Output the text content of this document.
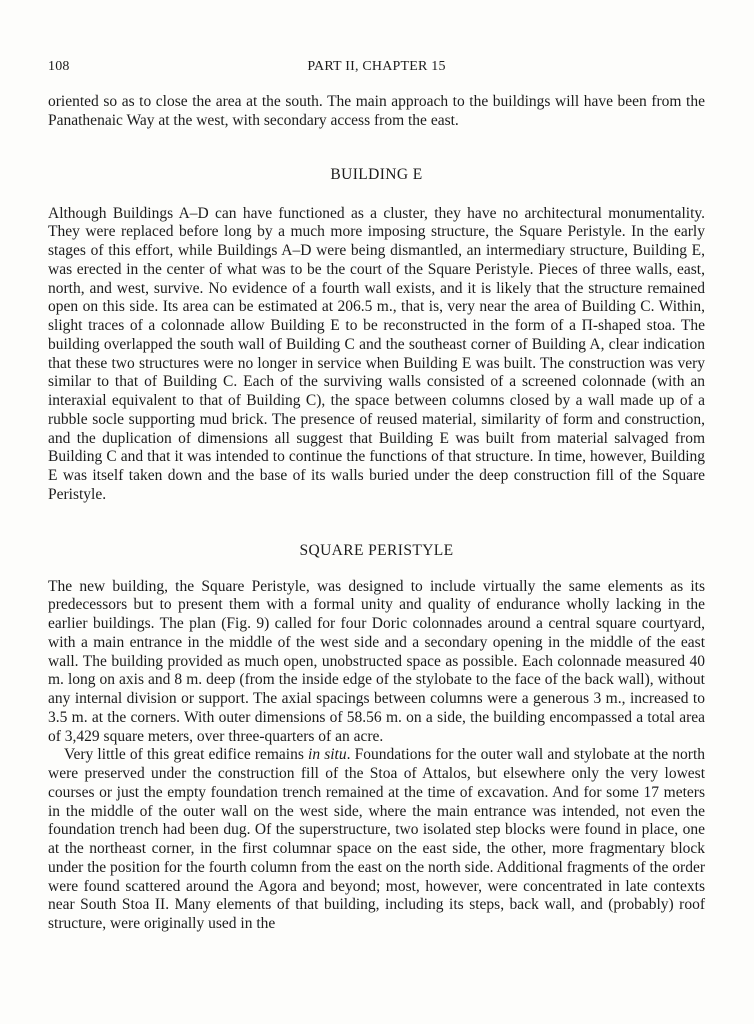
108	PART II, CHAPTER 15

oriented so as to close the area at the south. The main approach to the buildings will have been from the Panathenaic Way at the west, with secondary access from the east.

BUILDING E

Although Buildings A–D can have functioned as a cluster, they have no architectural monumentality. They were replaced before long by a much more imposing structure, the Square Peristyle. In the early stages of this effort, while Buildings A–D were being dismantled, an intermediary structure, Building E, was erected in the center of what was to be the court of the Square Peristyle. Pieces of three walls, east, north, and west, survive. No evidence of a fourth wall exists, and it is likely that the structure remained open on this side. Its area can be estimated at 206.5 m., that is, very near the area of Building C. Within, slight traces of a colonnade allow Building E to be reconstructed in the form of a Π-shaped stoa. The building overlapped the south wall of Building C and the southeast corner of Building A, clear indication that these two structures were no longer in service when Building E was built. The construction was very similar to that of Building C. Each of the surviving walls consisted of a screened colonnade (with an interaxial equivalent to that of Building C), the space between columns closed by a wall made up of a rubble socle supporting mud brick. The presence of reused material, similarity of form and construction, and the duplication of dimensions all suggest that Building E was built from material salvaged from Building C and that it was intended to continue the functions of that structure. In time, however, Building E was itself taken down and the base of its walls buried under the deep construction fill of the Square Peristyle.

SQUARE PERISTYLE

The new building, the Square Peristyle, was designed to include virtually the same elements as its predecessors but to present them with a formal unity and quality of endurance wholly lacking in the earlier buildings. The plan (Fig. 9) called for four Doric colonnades around a central square courtyard, with a main entrance in the middle of the west side and a secondary opening in the middle of the east wall. The building provided as much open, unobstructed space as possible. Each colonnade measured 40 m. long on axis and 8 m. deep (from the inside edge of the stylobate to the face of the back wall), without any internal division or support. The axial spacings between columns were a generous 3 m., increased to 3.5 m. at the corners. With outer dimensions of 58.56 m. on a side, the building encompassed a total area of 3,429 square meters, over three-quarters of an acre.

Very little of this great edifice remains in situ. Foundations for the outer wall and stylobate at the north were preserved under the construction fill of the Stoa of Attalos, but elsewhere only the very lowest courses or just the empty foundation trench remained at the time of excavation. And for some 17 meters in the middle of the outer wall on the west side, where the main entrance was intended, not even the foundation trench had been dug. Of the superstructure, two isolated step blocks were found in place, one at the northeast corner, in the first columnar space on the east side, the other, more fragmentary block under the position for the fourth column from the east on the north side. Additional fragments of the order were found scattered around the Agora and beyond; most, however, were concentrated in late contexts near South Stoa II. Many elements of that building, including its steps, back wall, and (probably) roof structure, were originally used in the
